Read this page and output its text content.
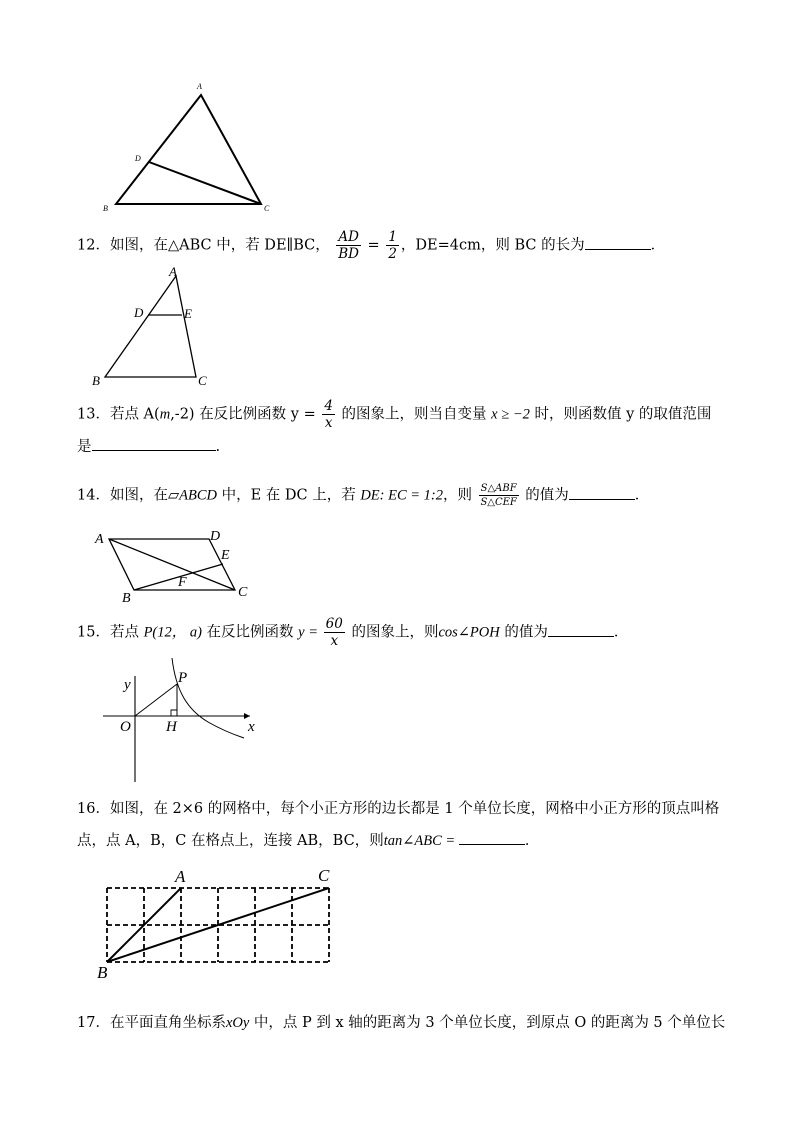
A
D
B	C
12．如图，在△ABC 中，若 DE∥BC， $\frac{AD}{BD} = \frac{1}{2}$ ，DE=4cm，则 BC 的长为	．
A
D	E
B	C
13．若点 A(m,-2) 在反比例函数 $y = \frac{4}{x}$ 的图象上，则当自变量 x ≥ −2 时，则函数值 y 的取值范围
是	.
14．如图，在▱ABCD 中，E 在 DC 上，若 DE: EC = 1:2，则 $\frac{\text{S△ABF}}{\text{S△CEF}}$ 的值为	．
A	D
E
F
B	C
15．若点 P(12， a) 在反比例函数 $y = \frac{60}{x}$ 的图象上，则cos∠POH 的值为	．
y	P
O H	x
16．如图，在 2×6 的网格中，每个小正方形的边长都是 1 个单位长度，网格中小正方形的顶点叫格
点，点 A，B，C 在格点上，连接 AB，BC，则tan∠ABC =	．
A	C
B
17．在平面直角坐标系xOy 中，点 P 到 x 轴的距离为 3 个单位长度，到原点 O 的距离为 5 个单位长
